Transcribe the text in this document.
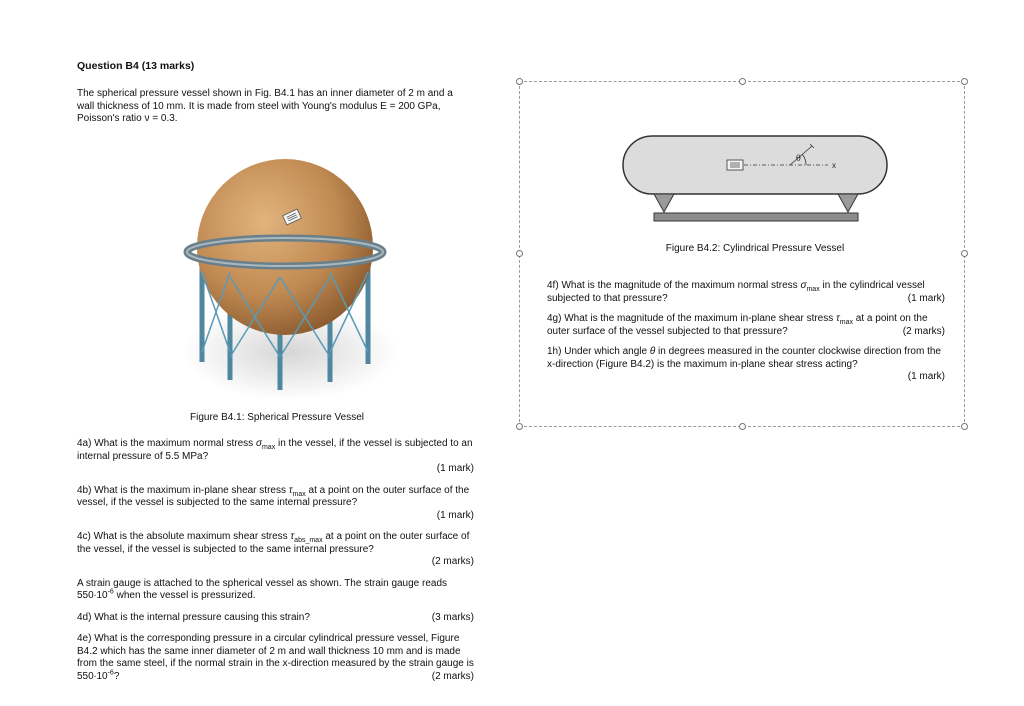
Question B4 (13 marks)
The spherical pressure vessel shown in Fig. B4.1 has an inner diameter of 2 m and a wall thickness of 10 mm. It is made from steel with Young's modulus E = 200 GPa, Poisson's ratio ν = 0.3.
Figure B4.1: Spherical Pressure Vessel
4a) What is the maximum normal stress $\sigma_{max}$ in the vessel, if the vessel is subjected to an internal pressure of 5.5 MPa?
(1 mark)
4b) What is the maximum in-plane shear stress $\tau_{max}$ at a point on the outer surface of the vessel, if the vessel is subjected to the same internal pressure?
(1 mark)
4c) What is the absolute maximum shear stress $\tau_{abs\_max}$ at a point on the outer surface of the vessel, if the vessel is subjected to the same internal pressure?
(2 marks)
A strain gauge is attached to the spherical vessel as shown. The strain gauge reads $550\cdot 10^{-6}$ when the vessel is pressurized.
(3 marks)
4d) What is the internal pressure causing this strain?
4e) What is the corresponding pressure in a circular cylindrical pressure vessel, Figure B4.2 which has the same inner diameter of 2 m and wall thickness 10 mm and is made from the same steel, if the normal strain in the x-direction measured by the strain gauge is $550\cdot 10^{-6}$?	(2 marks)
θ
x
Figure B4.2: Cylindrical Pressure Vessel
4f) What is the magnitude of the maximum normal stress $\sigma_{max}$ in the cylindrical vessel subjected to that pressure?	(1 mark)
4g) What is the magnitude of the maximum in-plane shear stress $\tau_{max}$ at a point on the outer surface of the vessel subjected to that pressure?	(2 marks)
1h) Under which angle θ in degrees measured in the counter clockwise direction from the x-direction (Figure B4.2) is the maximum in-plane shear stress acting?
(1 mark)
